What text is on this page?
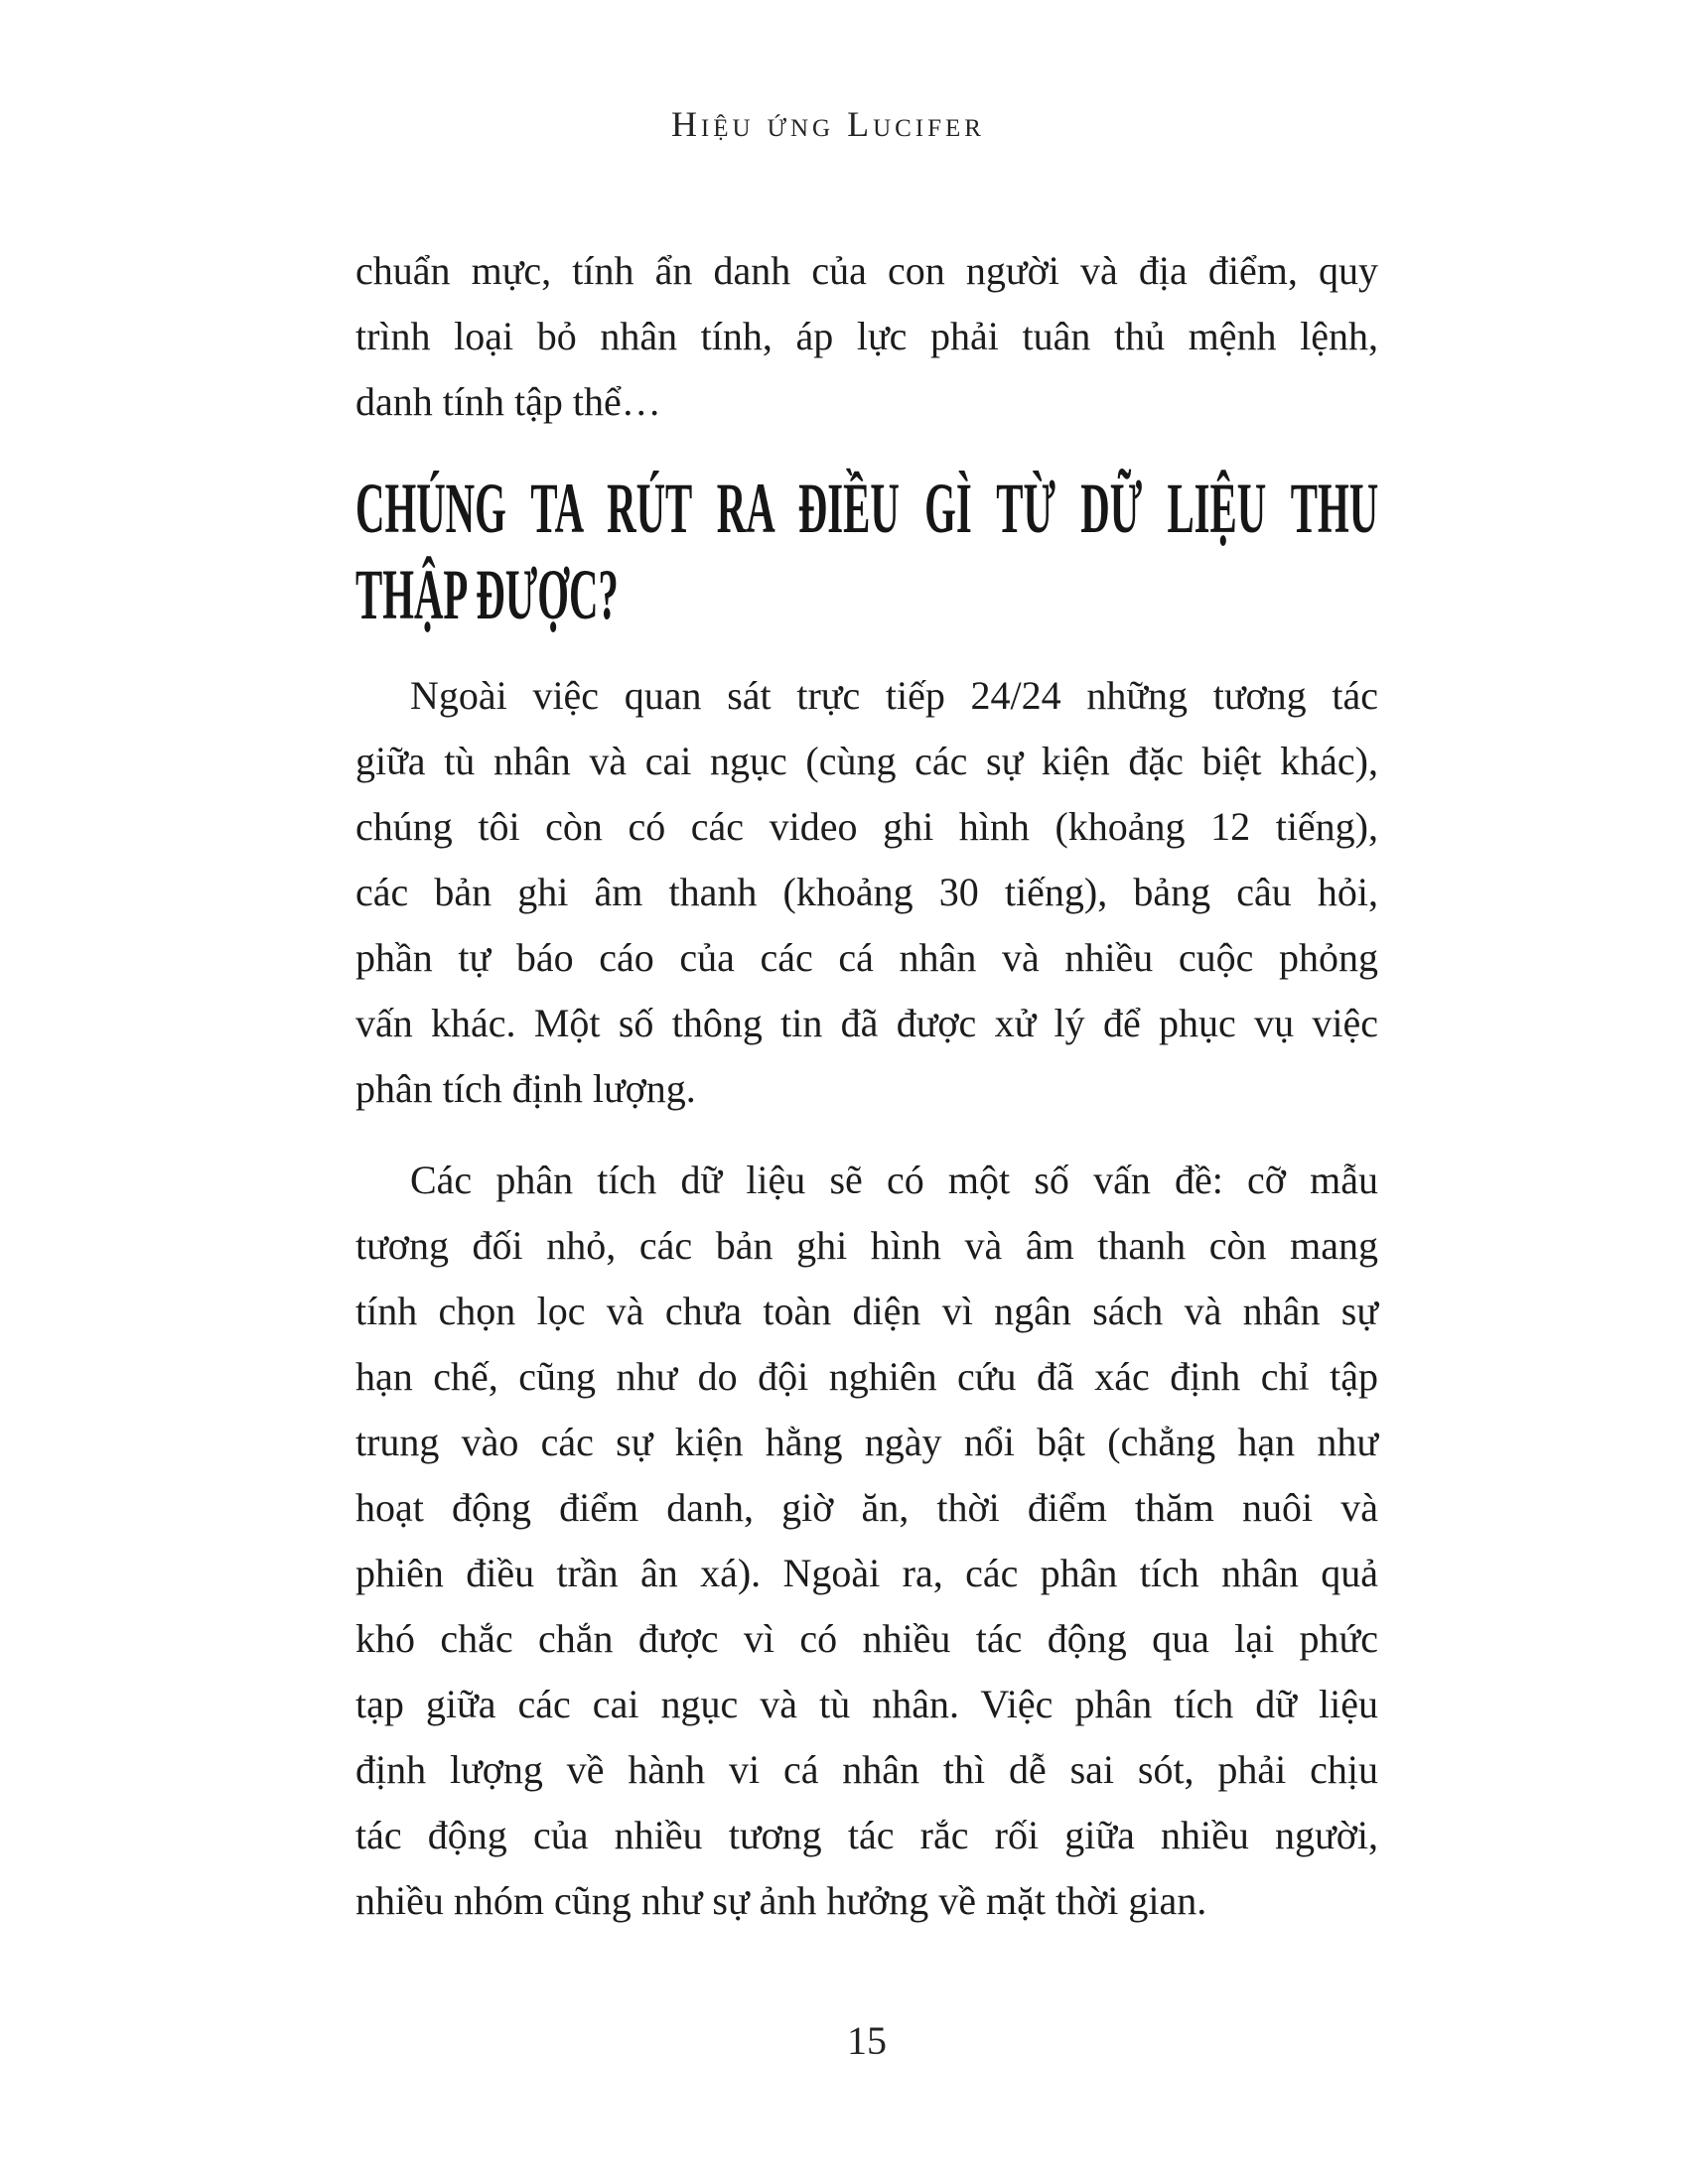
Hiệu ứng Lucifer

chuẩn mực, tính ẩn danh của con người và địa điểm, quy

trình loại bỏ nhân tính, áp lực phải tuân thủ mệnh lệnh,

danh tính tập thể…

CHÚNG TA RÚT RA ĐIỀU GÌ TỪ DỮ LIỆU THU
THẬP ĐƯỢC?

Ngoài việc quan sát trực tiếp 24/24 những tương tác

giữa tù nhân và cai ngục (cùng các sự kiện đặc biệt khác),

chúng tôi còn có các video ghi hình (khoảng 12 tiếng),

các bản ghi âm thanh (khoảng 30 tiếng), bảng câu hỏi,

phần tự báo cáo của các cá nhân và nhiều cuộc phỏng

vấn khác. Một số thông tin đã được xử lý để phục vụ việc

phân tích định lượng.

Các phân tích dữ liệu sẽ có một số vấn đề: cỡ mẫu

tương đối nhỏ, các bản ghi hình và âm thanh còn mang

tính chọn lọc và chưa toàn diện vì ngân sách và nhân sự

hạn chế, cũng như do đội nghiên cứu đã xác định chỉ tập

trung vào các sự kiện hằng ngày nổi bật (chẳng hạn như

hoạt động điểm danh, giờ ăn, thời điểm thăm nuôi và

phiên điều trần ân xá). Ngoài ra, các phân tích nhân quả

khó chắc chắn được vì có nhiều tác động qua lại phức

tạp giữa các cai ngục và tù nhân. Việc phân tích dữ liệu

định lượng về hành vi cá nhân thì dễ sai sót, phải chịu

tác động của nhiều tương tác rắc rối giữa nhiều người,

nhiều nhóm cũng như sự ảnh hưởng về mặt thời gian.

15
